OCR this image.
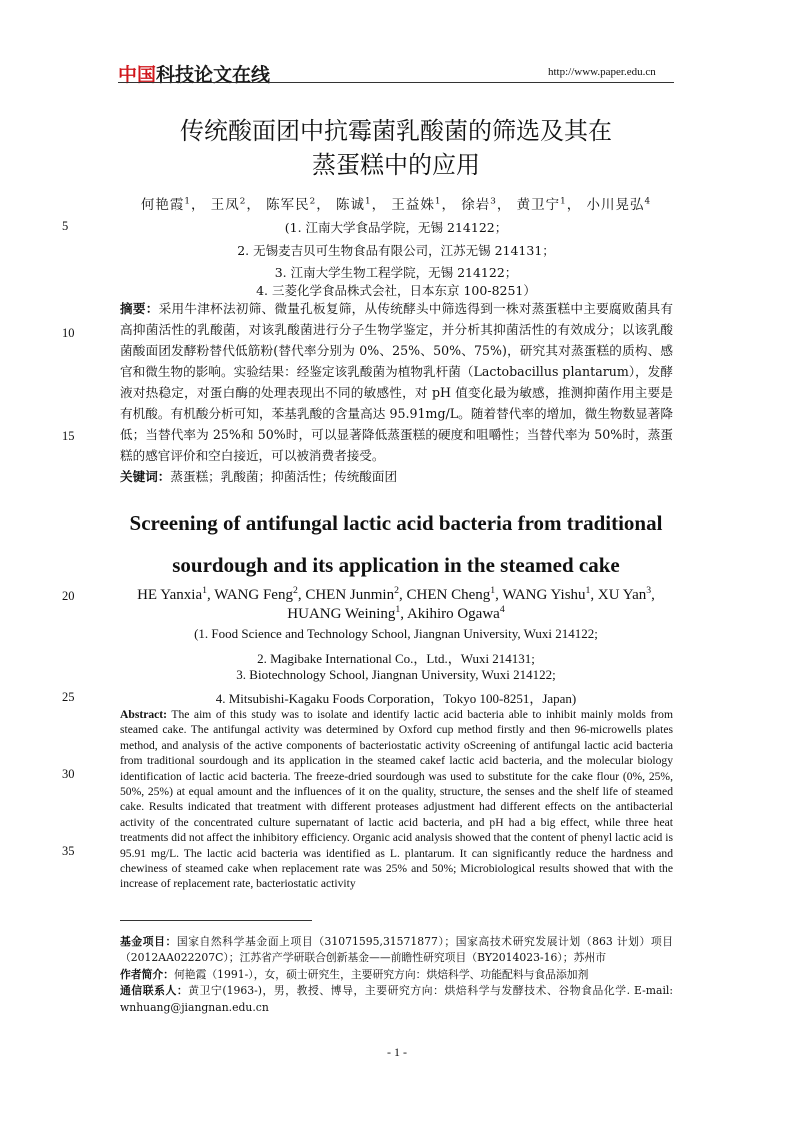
中国科技论文在线	http://www.paper.edu.cn
传统酸面团中抗霉菌乳酸菌的筛选及其在
蒸蛋糕中的应用
何艳霞$^1$， 王凤$^2$， 陈军民$^2$， 陈诚$^1$， 王益姝$^1$， 徐岩$^3$， 黄卫宁$^1$， 小川晃弘$^4$
(1. 江南大学食品学院，无锡 214122；
2. 无锡麦吉贝可生物食品有限公司，江苏无锡 214131；
3. 江南大学生物工程学院，无锡 214122；
4. 三菱化学食品株式会社，日本东京 100-8251）
5
10
15
20
25
30
35
摘要：采用牛津杯法初筛、微量孔板复筛，从传统酵头中筛选得到一株对蒸蛋糕中主要腐败菌具有高抑菌活性的乳酸菌，对该乳酸菌进行分子生物学鉴定，并分析其抑菌活性的有效成分；以该乳酸菌酸面团发酵粉替代低筋粉(替代率分别为 0%、25%、50%、75%)，研究其对蒸蛋糕的质构、感官和微生物的影响。实验结果：经鉴定该乳酸菌为植物乳杆菌（Lactobacillus plantarum），发酵液对热稳定，对蛋白酶的处理表现出不同的敏感性，对 pH 值变化最为敏感，推测抑菌作用主要是有机酸。有机酸分析可知，苯基乳酸的含量高达 95.91mg/L。随着替代率的增加，微生物数显著降低；当替代率为 25%和 50%时，可以显著降低蒸蛋糕的硬度和咀嚼性；当替代率为 50%时，蒸蛋糕的感官评价和空白接近，可以被消费者接受。
关键词：蒸蛋糕；乳酸菌；抑菌活性；传统酸面团
Screening of antifungal lactic acid bacteria from traditional
sourdough and its application in the steamed cake
HE Yanxia$^1$, WANG Feng$^2$, CHEN Junmin$^2$, CHEN Cheng$^1$, WANG Yishu$^1$, XU Yan$^3$, HUANG Weining$^1$, Akihiro Ogawa$^4$
(1. Food Science and Technology School, Jiangnan University, Wuxi 214122;
2. Magibake International Co.，Ltd.，Wuxi 214131;
3. Biotechnology School, Jiangnan University, Wuxi 214122;
4. Mitsubishi-Kagaku Foods Corporation，Tokyo 100-8251，Japan)
Abstract: The aim of this study was to isolate and identify lactic acid bacteria able to inhibit mainly molds from steamed cake. The antifungal activity was determined by Oxford cup method firstly and then 96-microwells plates method, and analysis of the active components of bacteriostatic activity oScreening of antifungal lactic acid bacteria from traditional sourdough and its application in the steamed cakef lactic acid bacteria, and the molecular biology identification of lactic acid bacteria. The freeze-dried sourdough was used to substitute for the cake flour (0%, 25%, 50%, 25%) at equal amount and the influences of it on the quality, structure, the senses and the shelf life of steamed cake. Results indicated that treatment with different proteases adjustment had different effects on the antibacterial activity of the concentrated culture supernatant of lactic acid bacteria, and pH had a big effect, while three heat treatments did not affect the inhibitory efficiency. Organic acid analysis showed that the content of phenyl lactic acid is 95.91 mg/L. The lactic acid bacteria was identified as L. plantarum. It can significantly reduce the hardness and chewiness of steamed cake when replacement rate was 25% and 50%; Microbiological results showed that with the increase of replacement rate, bacteriostatic activity
基金项目：国家自然科学基金面上项目（31071595,31571877）；国家高技术研究发展计划（863 计划）项目（2012AA022207C）；江苏省产学研联合创新基金——前瞻性研究项目（BY2014023-16）；苏州市
作者简介：何艳霞（1991-），女，硕士研究生，主要研究方向：烘焙科学、功能配料与食品添加剂
通信联系人：黄卫宁(1963-)，男，教授、博导，主要研究方向：烘焙科学与发酵技术、谷物食品化学. E-mail: wnhuang@jiangnan.edu.cn
- 1 -
